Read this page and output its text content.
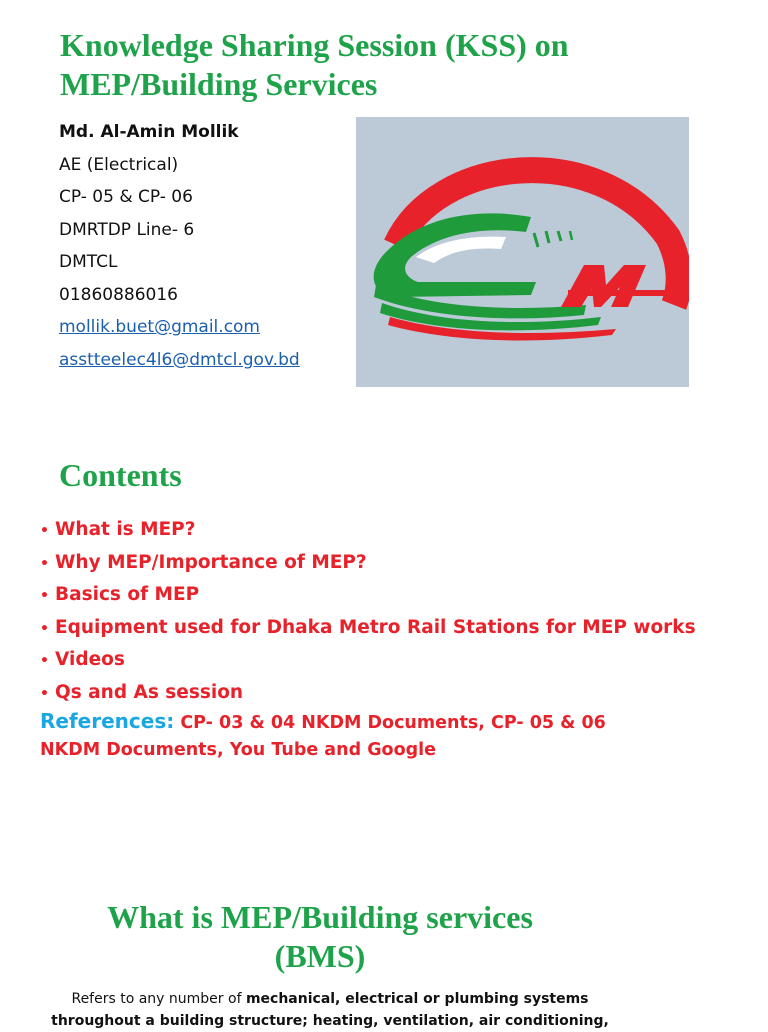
Knowledge Sharing Session (KSS) on MEP/Building Services
Md. Al-Amin Mollik
AE (Electrical)
CP- 05 & CP- 06
DMRTDP Line- 6
DMTCL
01860886016
mollik.buet@gmail.com
asstteelec4l6@dmtcl.gov.bd
Contents
• What is MEP?
• Why MEP/Importance of MEP?
• Basics of MEP
• Equipment used for Dhaka Metro Rail Stations for MEP works
• Videos
• Qs and As session
References: CP- 03 & 04 NKDM Documents, CP- 05 & 06 NKDM Documents, You Tube and Google
What is MEP/Building services (BMS)
Refers to any number of mechanical, electrical or plumbing systems throughout a building structure; heating, ventilation, air conditioning,
